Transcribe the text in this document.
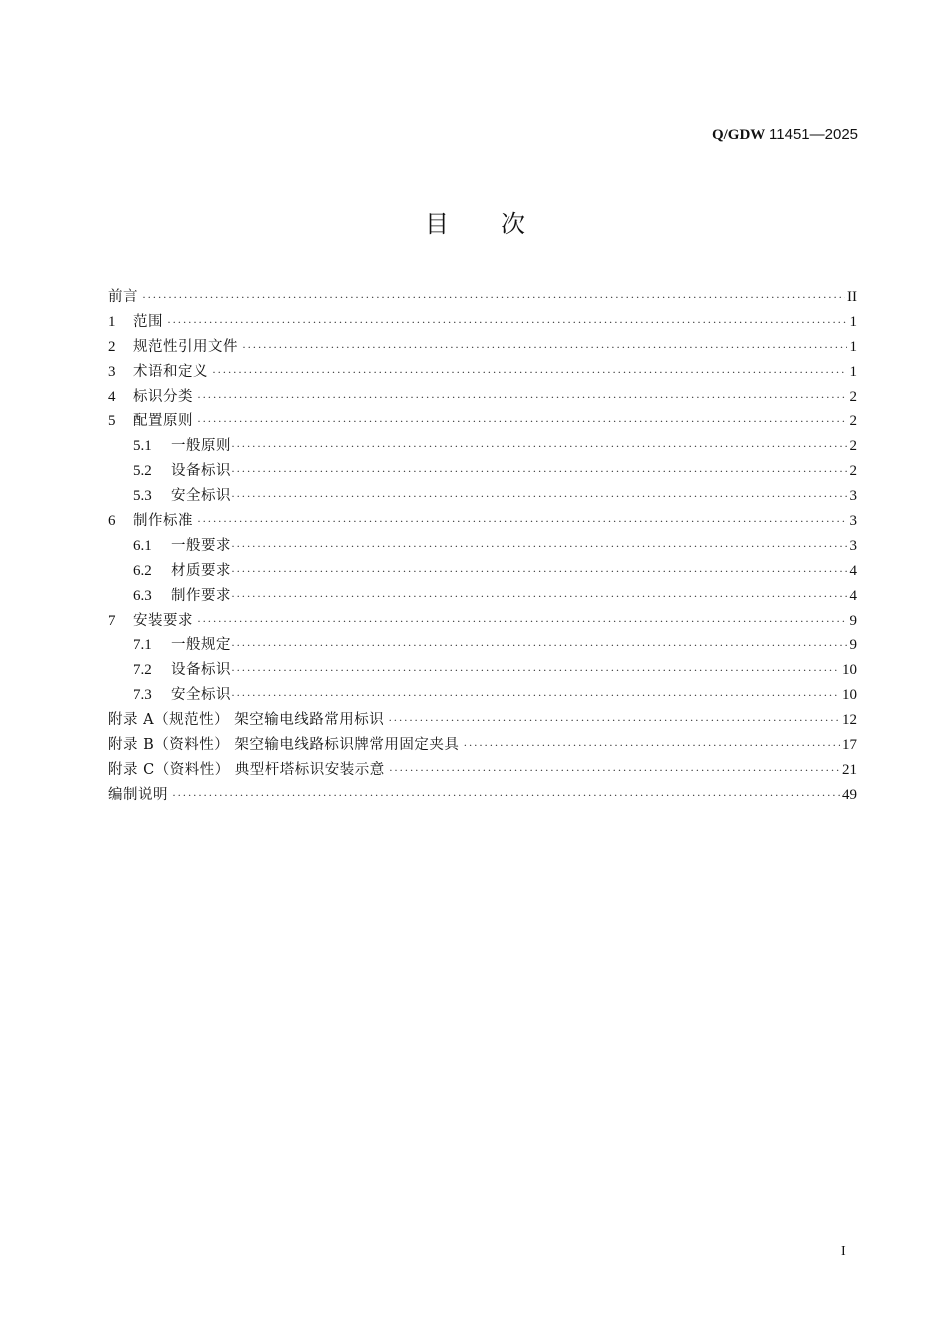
Q/GDW 11451—2025
目 次
前言 ·····	II
1	范围 ·····	1
2	规范性引用文件 ·····	1
3	术语和定义 ·····	1
4	标识分类 ·····	2
5	配置原则 ·····	2
5.1	一般原则 ·····	2
5.2	设备标识 ·····	2
5.3	安全标识 ·····	3
6	制作标准 ·····	3
6.1	一般要求 ·····	3
6.2	材质要求 ·····	4
6.3	制作要求 ·····	4
7	安装要求 ·····	9
7.1	一般规定 ·····	9
7.2	设备标识 ·····	10
7.3	安全标识 ·····	10
附录 A（规范性） 架空输电线路常用标识 ·····	12
附录 B（资料性） 架空输电线路标识牌常用固定夹具 ·····	17
附录 C（资料性） 典型杆塔标识安装示意 ·····	21
编制说明 ·····	49
I
